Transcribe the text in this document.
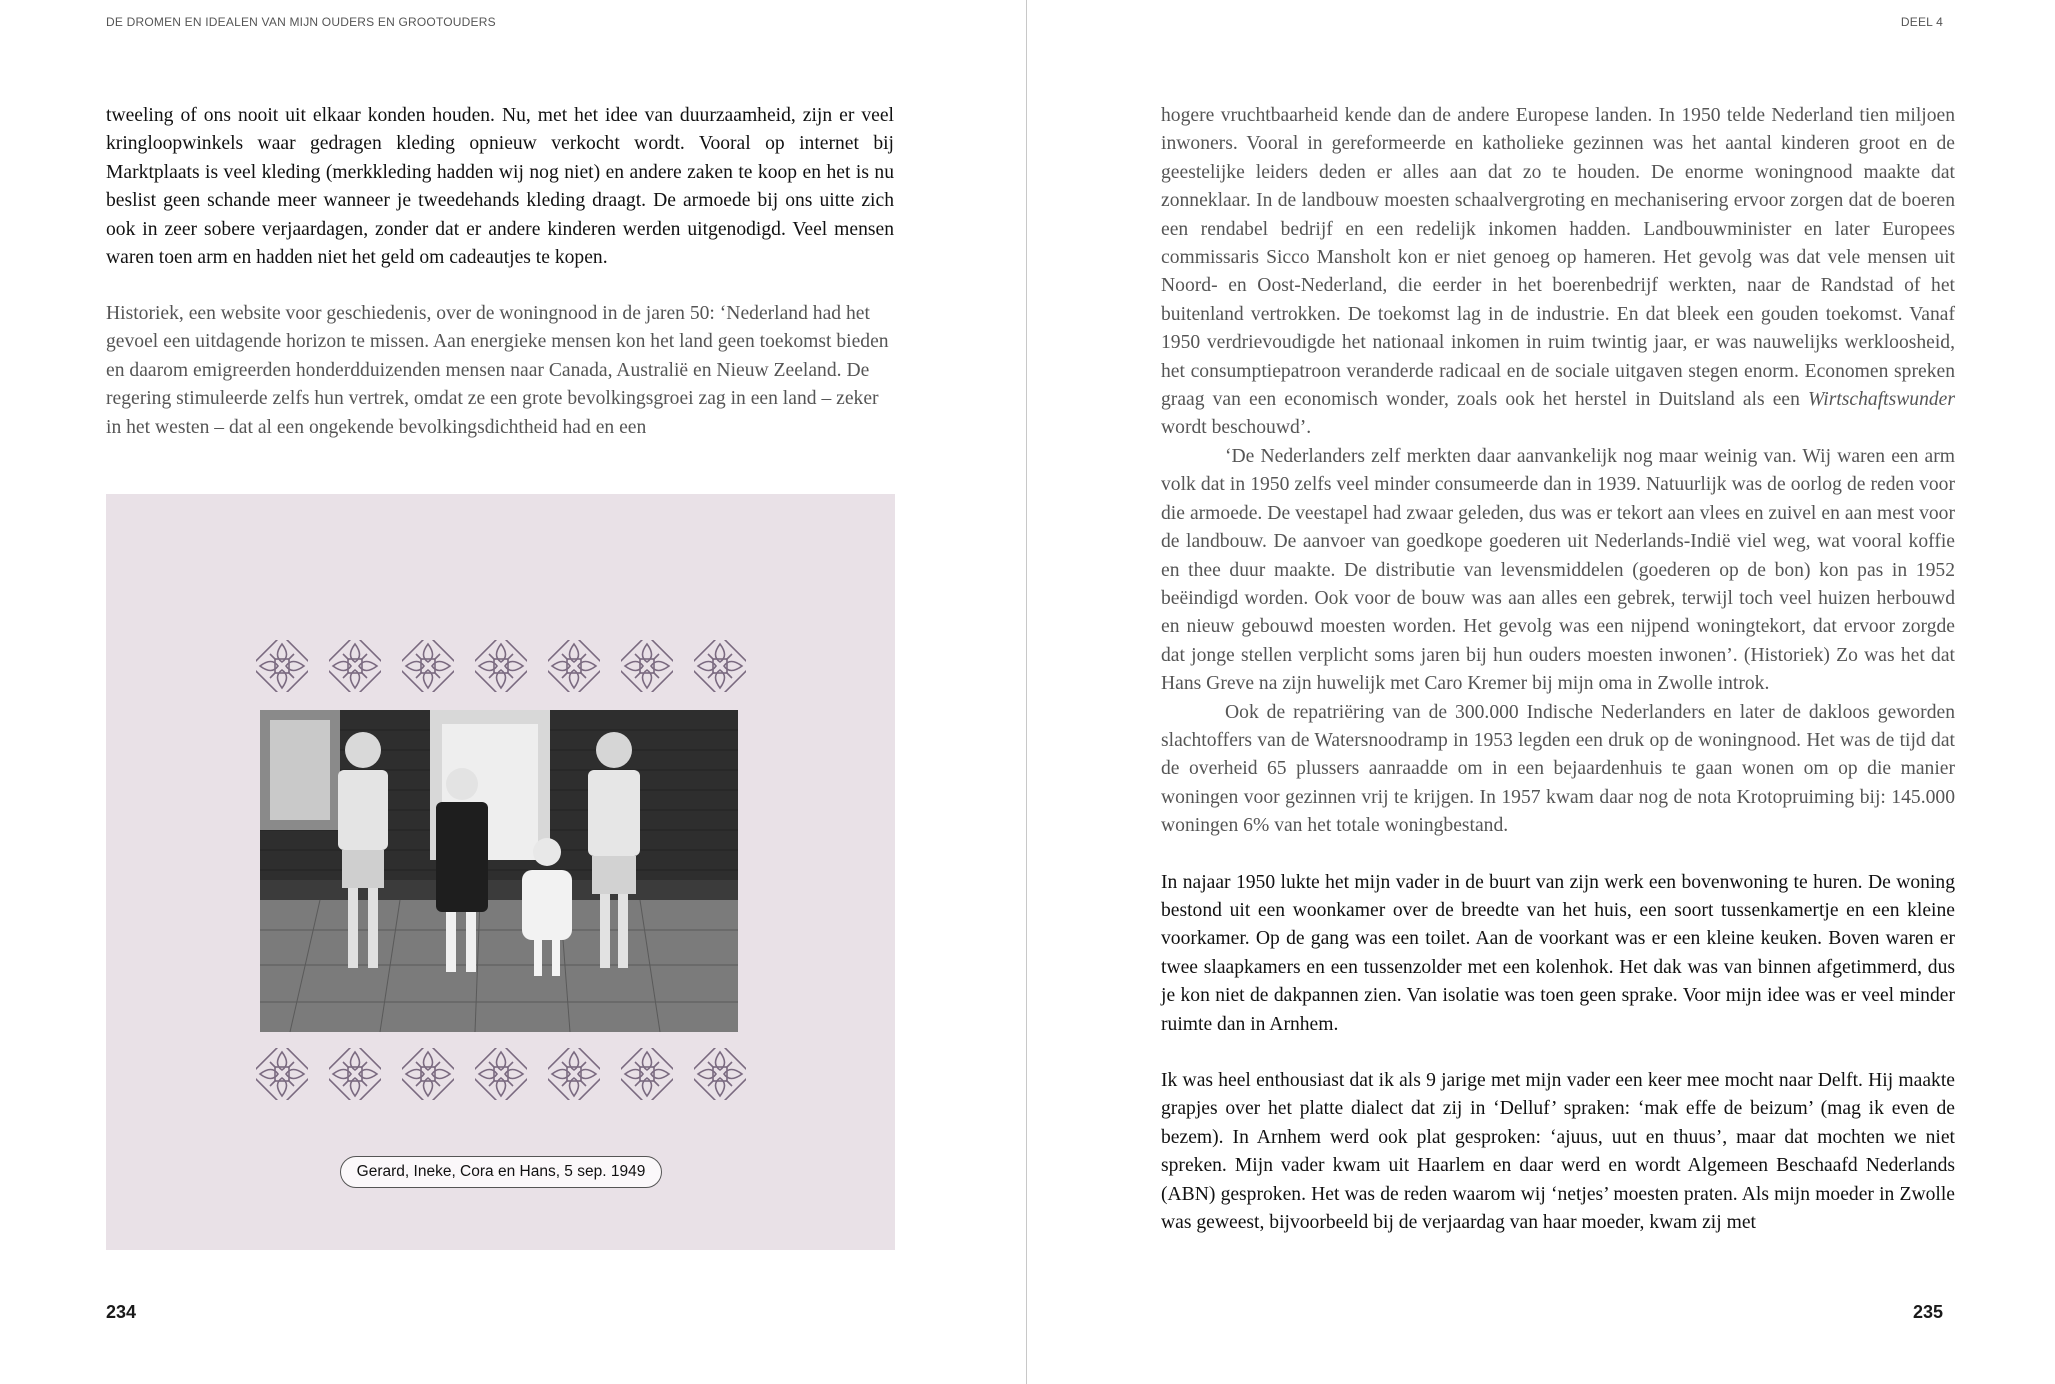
DE DROMEN EN IDEALEN VAN MIJN OUDERS EN GROOTOUDERS

tweeling of ons nooit uit elkaar konden houden. Nu, met het idee van duurzaamheid, zijn er veel kringloopwinkels waar gedragen kleding opnieuw verkocht wordt. Vooral op internet bij Marktplaats is veel kleding (merkkleding hadden wij nog niet) en andere zaken te koop en het is nu beslist geen schande meer wanneer je tweedehands kleding draagt. De armoede bij ons uitte zich ook in zeer sobere verjaardagen, zonder dat er andere kinderen werden uitgenodigd. Veel mensen waren toen arm en hadden niet het geld om cadeautjes te kopen.

Historiek, een website voor geschiedenis, over de woningnood in de jaren 50: ‘Nederland had het gevoel een uitdagende horizon te missen. Aan energieke mensen kon het land geen toekomst bieden en daarom emigreerden honderdduizenden mensen naar Canada, Australië en Nieuw Zeeland. De regering stimuleerde zelfs hun vertrek, omdat ze een grote bevolkingsgroei zag in een land – zeker in het westen – dat al een ongekende bevolkingsdichtheid had en een

Gerard, Ineke, Cora en Hans, 5 sep. 1949
234
DEEL 4

hogere vruchtbaarheid kende dan de andere Europese landen. In 1950 telde Nederland tien miljoen inwoners. Vooral in gereformeerde en katholieke gezinnen was het aantal kinderen groot en de geestelijke leiders deden er alles aan dat zo te houden. De enorme woningnood maakte dat zonneklaar. In de landbouw moesten schaalvergroting en mechanisering ervoor zorgen dat de boeren een rendabel bedrijf en een redelijk inkomen hadden. Landbouwminister en later Europees commissaris Sicco Mansholt kon er niet genoeg op hameren. Het gevolg was dat vele mensen uit Noord- en Oost-Nederland, die eerder in het boerenbedrijf werkten, naar de Randstad of het buitenland vertrokken. De toekomst lag in de industrie. En dat bleek een gouden toekomst. Vanaf 1950 verdrievoudigde het nationaal inkomen in ruim twintig jaar, er was nauwelijks werkloosheid, het consumptiepatroon veranderde radicaal en de sociale uitgaven stegen enorm. Economen spreken graag van een economisch wonder, zoals ook het herstel in Duitsland als een Wirtschaftswunder wordt beschouwd’.

‘De Nederlanders zelf merkten daar aanvankelijk nog maar weinig van. Wij waren een arm volk dat in 1950 zelfs veel minder consumeerde dan in 1939. Natuurlijk was de oorlog de reden voor die armoede. De veestapel had zwaar geleden, dus was er tekort aan vlees en zuivel en aan mest voor de landbouw. De aanvoer van goedkope goederen uit Nederlands-Indië viel weg, wat vooral koffie en thee duur maakte. De distributie van levensmiddelen (goederen op de bon) kon pas in 1952 beëindigd worden. Ook voor de bouw was aan alles een gebrek, terwijl toch veel huizen herbouwd en nieuw gebouwd moesten worden. Het gevolg was een nijpend woningtekort, dat ervoor zorgde dat jonge stellen verplicht soms jaren bij hun ouders moesten inwonen’. (Historiek) Zo was het dat Hans Greve na zijn huwelijk met Caro Kremer bij mijn oma in Zwolle introk.

Ook de repatriëring van de 300.000 Indische Nederlanders en later de dakloos geworden slachtoffers van de Watersnoodramp in 1953 legden een druk op de woningnood. Het was de tijd dat de overheid 65 plussers aanraadde om in een bejaardenhuis te gaan wonen om op die manier woningen voor gezinnen vrij te krijgen. In 1957 kwam daar nog de nota Krotopruiming bij: 145.000 woningen 6% van het totale woningbestand.

In najaar 1950 lukte het mijn vader in de buurt van zijn werk een bovenwoning te huren. De woning bestond uit een woonkamer over de breedte van het huis, een soort tussenkamertje en een kleine voorkamer. Op de gang was een toilet. Aan de voorkant was er een kleine keuken. Boven waren er twee slaapkamers en een tussenzolder met een kolenhok. Het dak was van binnen afgetimmerd, dus je kon niet de dakpannen zien. Van isolatie was toen geen sprake. Voor mijn idee was er veel minder ruimte dan in Arnhem.

Ik was heel enthousiast dat ik als 9 jarige met mijn vader een keer mee mocht naar Delft. Hij maakte grapjes over het platte dialect dat zij in ‘Delluf’ spraken: ‘mak effe de beizum’ (mag ik even de bezem). In Arnhem werd ook plat gesproken: ‘ajuus, uut en thuus’, maar dat mochten we niet spreken. Mijn vader kwam uit Haarlem en daar werd en wordt Algemeen Beschaafd Nederlands (ABN) gesproken. Het was de reden waarom wij ‘netjes’ moesten praten. Als mijn moeder in Zwolle was geweest, bijvoorbeeld bij de verjaardag van haar moeder, kwam zij met

235
